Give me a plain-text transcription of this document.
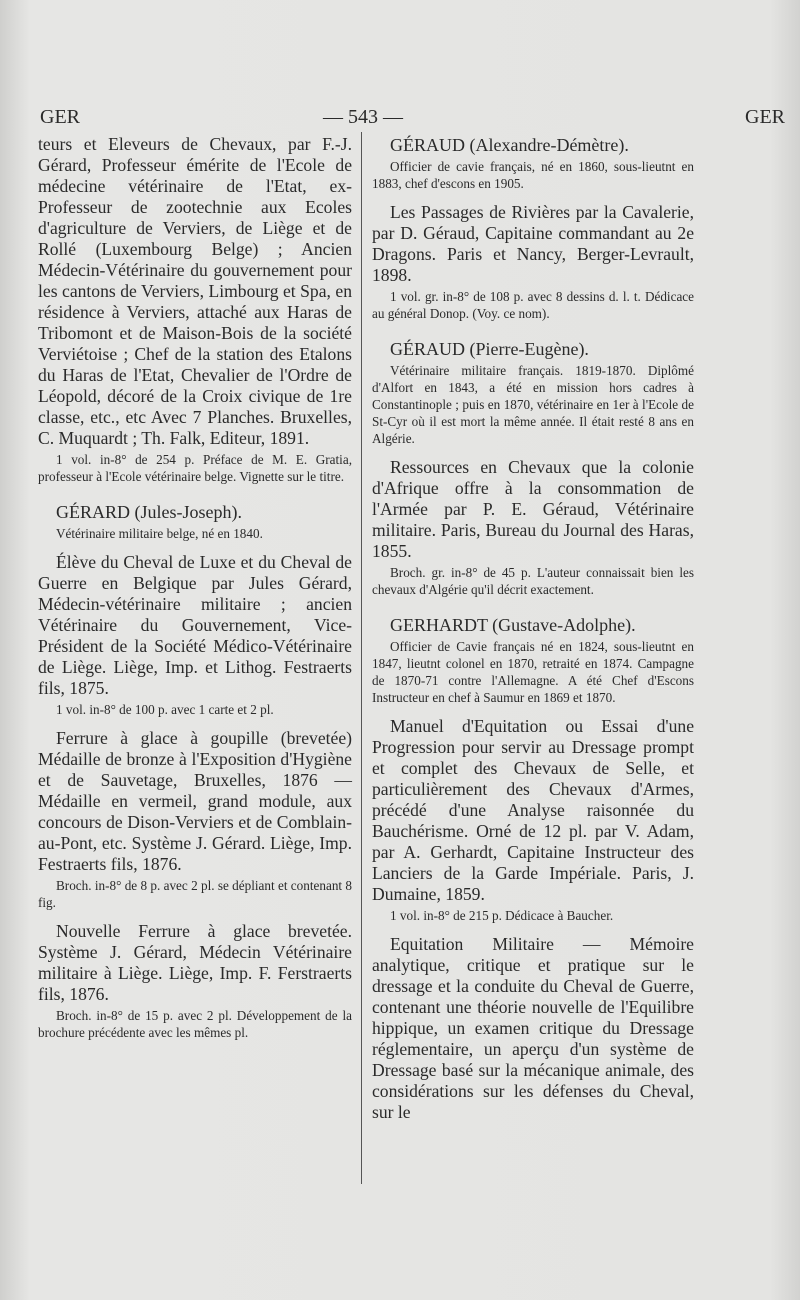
GER	— 543 —	GER

teurs et Eleveurs de Chevaux, par F.-J. Gérard, Professeur émérite de l'Ecole de médecine vétérinaire de l'Etat, ex-Professeur de zootechnie aux Ecoles d'agriculture de Verviers, de Liège et de Rollé (Luxembourg Belge) ; Ancien Médecin-Vétérinaire du gouvernement pour les cantons de Verviers, Limbourg et Spa, en résidence à Verviers, attaché aux Haras de Tribomont et de Maison-Bois de la société Verviétoise ; Chef de la station des Etalons du Haras de l'Etat, Chevalier de l'Ordre de Léopold, décoré de la Croix civique de 1re classe, etc., etc Avec 7 Planches. Bruxelles, C. Muquardt ; Th. Falk, Editeur, 1891.

1 vol. in-8° de 254 p. Préface de M. E. Gratia, professeur à l'Ecole vétérinaire belge. Vignette sur le titre.

GÉRARD (Jules-Joseph).

Vétérinaire militaire belge, né en 1840.

Élève du Cheval de Luxe et du Cheval de Guerre en Belgique par Jules Gérard, Médecin-vétérinaire militaire ; ancien Vétérinaire du Gouvernement, Vice-Président de la Société Médico-Vétérinaire de Liège. Liège, Imp. et Lithog. Festraerts fils, 1875.

1 vol. in-8° de 100 p. avec 1 carte et 2 pl.

Ferrure à glace à goupille (brevetée) Médaille de bronze à l'Exposition d'Hygiène et de Sauvetage, Bruxelles, 1876 — Médaille en vermeil, grand module, aux concours de Dison-Verviers et de Comblain-au-Pont, etc. Système J. Gérard. Liège, Imp. Festraerts fils, 1876.

Broch. in-8° de 8 p. avec 2 pl. se dépliant et contenant 8 fig.

Nouvelle Ferrure à glace brevetée. Système J. Gérard, Médecin Vétérinaire militaire à Liège. Liège, Imp. F. Ferstraerts fils, 1876.

Broch. in-8° de 15 p. avec 2 pl. Développement de la brochure précédente avec les mêmes pl.

GÉRAUD (Alexandre-Démètre).

Officier de cavie français, né en 1860, sous-lieutnt en 1883, chef d'escons en 1905.

Les Passages de Rivières par la Cavalerie, par D. Géraud, Capitaine commandant au 2e Dragons. Paris et Nancy, Berger-Levrault, 1898.

1 vol. gr. in-8° de 108 p. avec 8 dessins d. l. t. Dédicace au général Donop. (Voy. ce nom).

GÉRAUD (Pierre-Eugène).

Vétérinaire militaire français. 1819-1870. Diplômé d'Alfort en 1843, a été en mission hors cadres à Constantinople ; puis en 1870, vétérinaire en 1er à l'Ecole de St-Cyr où il est mort la même année. Il était resté 8 ans en Algérie.

Ressources en Chevaux que la colonie d'Afrique offre à la consommation de l'Armée par P. E. Géraud, Vétérinaire militaire. Paris, Bureau du Journal des Haras, 1855.

Broch. gr. in-8° de 45 p. L'auteur connaissait bien les chevaux d'Algérie qu'il décrit exactement.

GERHARDT (Gustave-Adolphe).

Officier de Cavie français né en 1824, sous-lieutnt en 1847, lieutnt colonel en 1870, retraité en 1874. Campagne de 1870-71 contre l'Allemagne. A été Chef d'Escons Instructeur en chef à Saumur en 1869 et 1870.

Manuel d'Equitation ou Essai d'une Progression pour servir au Dressage prompt et complet des Chevaux de Selle, et particulièrement des Chevaux d'Armes, précédé d'une Analyse raisonnée du Bauchérisme. Orné de 12 pl. par V. Adam, par A. Gerhardt, Capitaine Instructeur des Lanciers de la Garde Impériale. Paris, J. Dumaine, 1859.

1 vol. in-8° de 215 p. Dédicace à Baucher.

Equitation Militaire — Mémoire analytique, critique et pratique sur le dressage et la conduite du Cheval de Guerre, contenant une théorie nouvelle de l'Equilibre hippique, un examen critique du Dressage réglementaire, un aperçu d'un système de Dressage basé sur la mécanique animale, des considérations sur les défenses du Cheval, sur le
